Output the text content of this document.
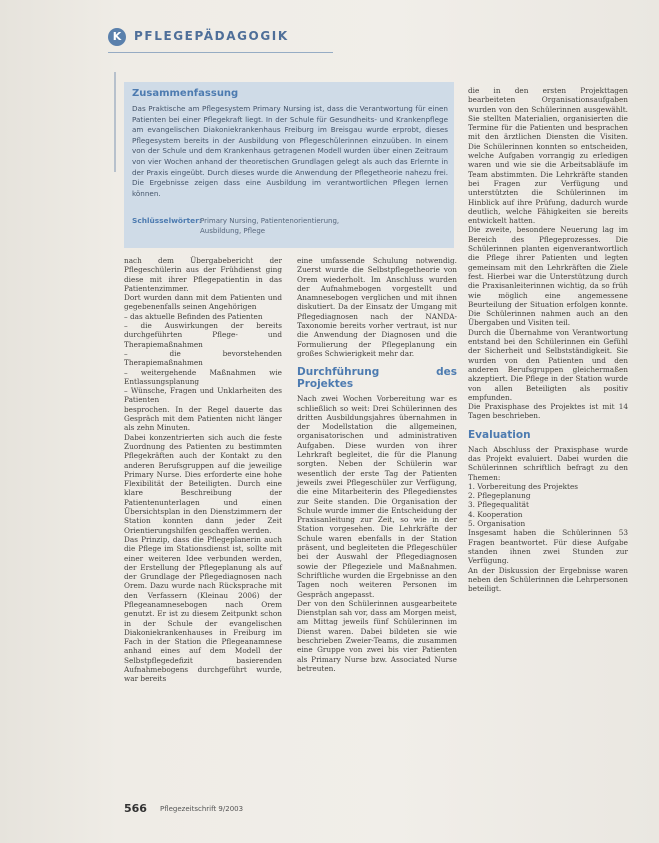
K	PFLEGEPÄDAGOGIK
Zusammenfassung
Das Praktische am Pflegesystem Primary Nursing ist, dass die Verantwortung für einen Patienten bei einer Pflegekraft liegt. In der Schule für Gesundheits- und Krankenpflege am evangelischen Diakoniekrankenhaus Freiburg im Breisgau wurde erprobt, dieses Pflegesystem bereits in der Ausbildung von Pflegeschülerinnen einzuüben. In einem von der Schule und dem Krankenhaus getragenen Modell wurden über einen Zeitraum von vier Wochen anhand der theoretischen Grundlagen gelegt als auch das Erlernte in der Praxis eingeübt. Durch dieses wurde die Anwendung der Pflegetheorie nahezu frei. Die Ergebnisse zeigen dass eine Ausbildung im verantwortlichen Pflegen lernen können.
Schlüsselwörter:
Primary Nursing, Patientenorientierung, Ausbildung, Pflege

nach dem Übergabebericht der Pflegeschülerin aus der Frühdienst ging diese mit ihrer Pflegepatientin in das Patientenzimmer.

Dort wurden dann mit dem Patienten und gegebenenfalls seinen Angehörigen

– das aktuelle Befinden des Patienten

– die Auswirkungen der bereits durchgeführten Pflege- und Therapiemaßnahmen

– die bevorstehenden Therapiemaßnahmen

– weitergehende Maßnahmen wie Entlassungsplanung

– Wünsche, Fragen und Unklarheiten des Patienten

besprochen. In der Regel dauerte das Gespräch mit dem Patienten nicht länger als zehn Minuten.

Dabei konzentrierten sich auch die feste Zuordnung des Patienten zu bestimmten Pflegekräften auch der Kontakt zu den anderen Berufsgruppen auf die jeweilige Primary Nurse. Dies erforderte eine hohe Flexibilität der Beteiligten. Durch eine klare Beschreibung der Patientenunterlagen und einen Übersichtsplan in den Dienstzimmern der Station konnten dann jeder Zeit Orientierungshilfen geschaffen werden.

Das Prinzip, dass die Pflegeplanerin auch die Pflege im Stationsdienst ist, sollte mit einer weiteren Idee verbunden werden, der Erstellung der Pflegeplanung als auf der Grundlage der Pflegediagnosen nach Orem. Dazu wurde nach Rücksprache mit den Verfassern (Kleinau 2006) der Pflegeanamnesebogen nach Orem genutzt. Er ist zu diesem Zeitpunkt schon in der Schule der evangelischen Diakoniekrankenhauses in Freiburg im Fach in der Station die Pflegeanamnese anhand eines auf dem Modell der Selbstpflegedefizit basierenden Aufnahmebogens durchgeführt wurde, war bereits

eine umfassende Schulung notwendig. Zuerst wurde die Selbstpflegetheorie von Orem wiederholt. Im Anschluss wurden der Aufnahmebogen vorgestellt und Anamnesebogen verglichen und mit ihnen diskutiert. Da der Einsatz der Umgang mit Pflegediagnosen nach der NANDA-Taxonomie bereits vorher vertraut, ist nur die Anwendung der Diagnosen und die Formulierung der Pflegeplanung ein großes Schwierigkeit mehr dar.

Durchführung des Projektes

Nach zwei Wochen Vorbereitung war es schließlich so weit: Drei Schülerinnen des dritten Ausbildungsjahres übernahmen in der Modellstation die allgemeinen, organisatorischen und administrativen Aufgaben. Diese wurden von ihrer Lehrkraft begleitet, die für die Planung sorgten. Neben der Schülerin war wesentlich der erste Tag der Patienten jeweils zwei Pflegeschüler zur Verfügung, die eine Mitarbeiterin des Pflegedienstes zur Seite standen. Die Organisation der Schule wurde immer die Entscheidung der Praxisanleitung zur Zeit, so wie in der Station vorgesehen. Die Lehrkräfte der Schule waren ebenfalls in der Station präsent, und begleiteten die Pflegeschüler bei der Auswahl der Pflegediagnosen sowie der Pflegeziele und Maßnahmen. Schriftliche wurden die Ergebnisse an den Tagen noch weiteren Personen im Gespräch angepasst.

Der von den Schülerinnen ausgearbeitete Dienstplan sah vor, dass am Morgen meist, am Mittag jeweils fünf Schülerinnen im Dienst waren. Dabei bildeten sie wie beschrieben Zweier-Teams, die zusammen eine Gruppe von zwei bis vier Patienten als Primary Nurse bzw. Associated Nurse betreuten.

die in den ersten Projekttagen bearbeiteten Organisationsaufgaben wurden von den Schülerinnen ausgewählt. Sie stellten Materialien, organisierten die Termine für die Patienten und besprachen mit den ärztlichen Diensten die Visiten. Die Schülerinnen konnten so entscheiden, welche Aufgaben vorrangig zu erledigen waren und wie sie die Arbeitsabläufe im Team abstimmten. Die Lehrkräfte standen bei Fragen zur Verfügung und unterstützten die Schülerinnen im Hinblick auf ihre Prüfung, dadurch wurde deutlich, welche Fähigkeiten sie bereits entwickelt hatten.

Die zweite, besondere Neuerung lag im Bereich des Pflegeprozesses. Die Schülerinnen planten eigenverantwortlich die Pflege ihrer Patienten und legten gemeinsam mit den Lehrkräften die Ziele fest. Hierbei war die Unterstützung durch die Praxisanleiterinnen wichtig, da so früh wie möglich eine angemessene Beurteilung der Situation erfolgen konnte. Die Schülerinnen nahmen auch an den Übergaben und Visiten teil.

Durch die Übernahme von Verantwortung entstand bei den Schülerinnen ein Gefühl der Sicherheit und Selbstständigkeit. Sie wurden von den Patienten und den anderen Berufsgruppen gleichermaßen akzeptiert. Die Pflege in der Station wurde von allen Beteiligten als positiv empfunden.

Die Praxisphase des Projektes ist mit 14 Tagen beschrieben.

Evaluation

Nach Abschluss der Praxisphase wurde das Projekt evaluiert. Dabei wurden die Schülerinnen schriftlich befragt zu den Themen:

1. Vorbereitung des Projektes

2. Pflegeplanung

3. Pflegequalität

4. Kooperation

5. Organisation

Insgesamt haben die Schülerinnen 53 Fragen beantwortet. Für diese Aufgabe standen ihnen zwei Stunden zur Verfügung.

An der Diskussion der Ergebnisse waren neben den Schülerinnen die Lehrpersonen beteiligt.

566 Pflegezeitschrift 9/2003
